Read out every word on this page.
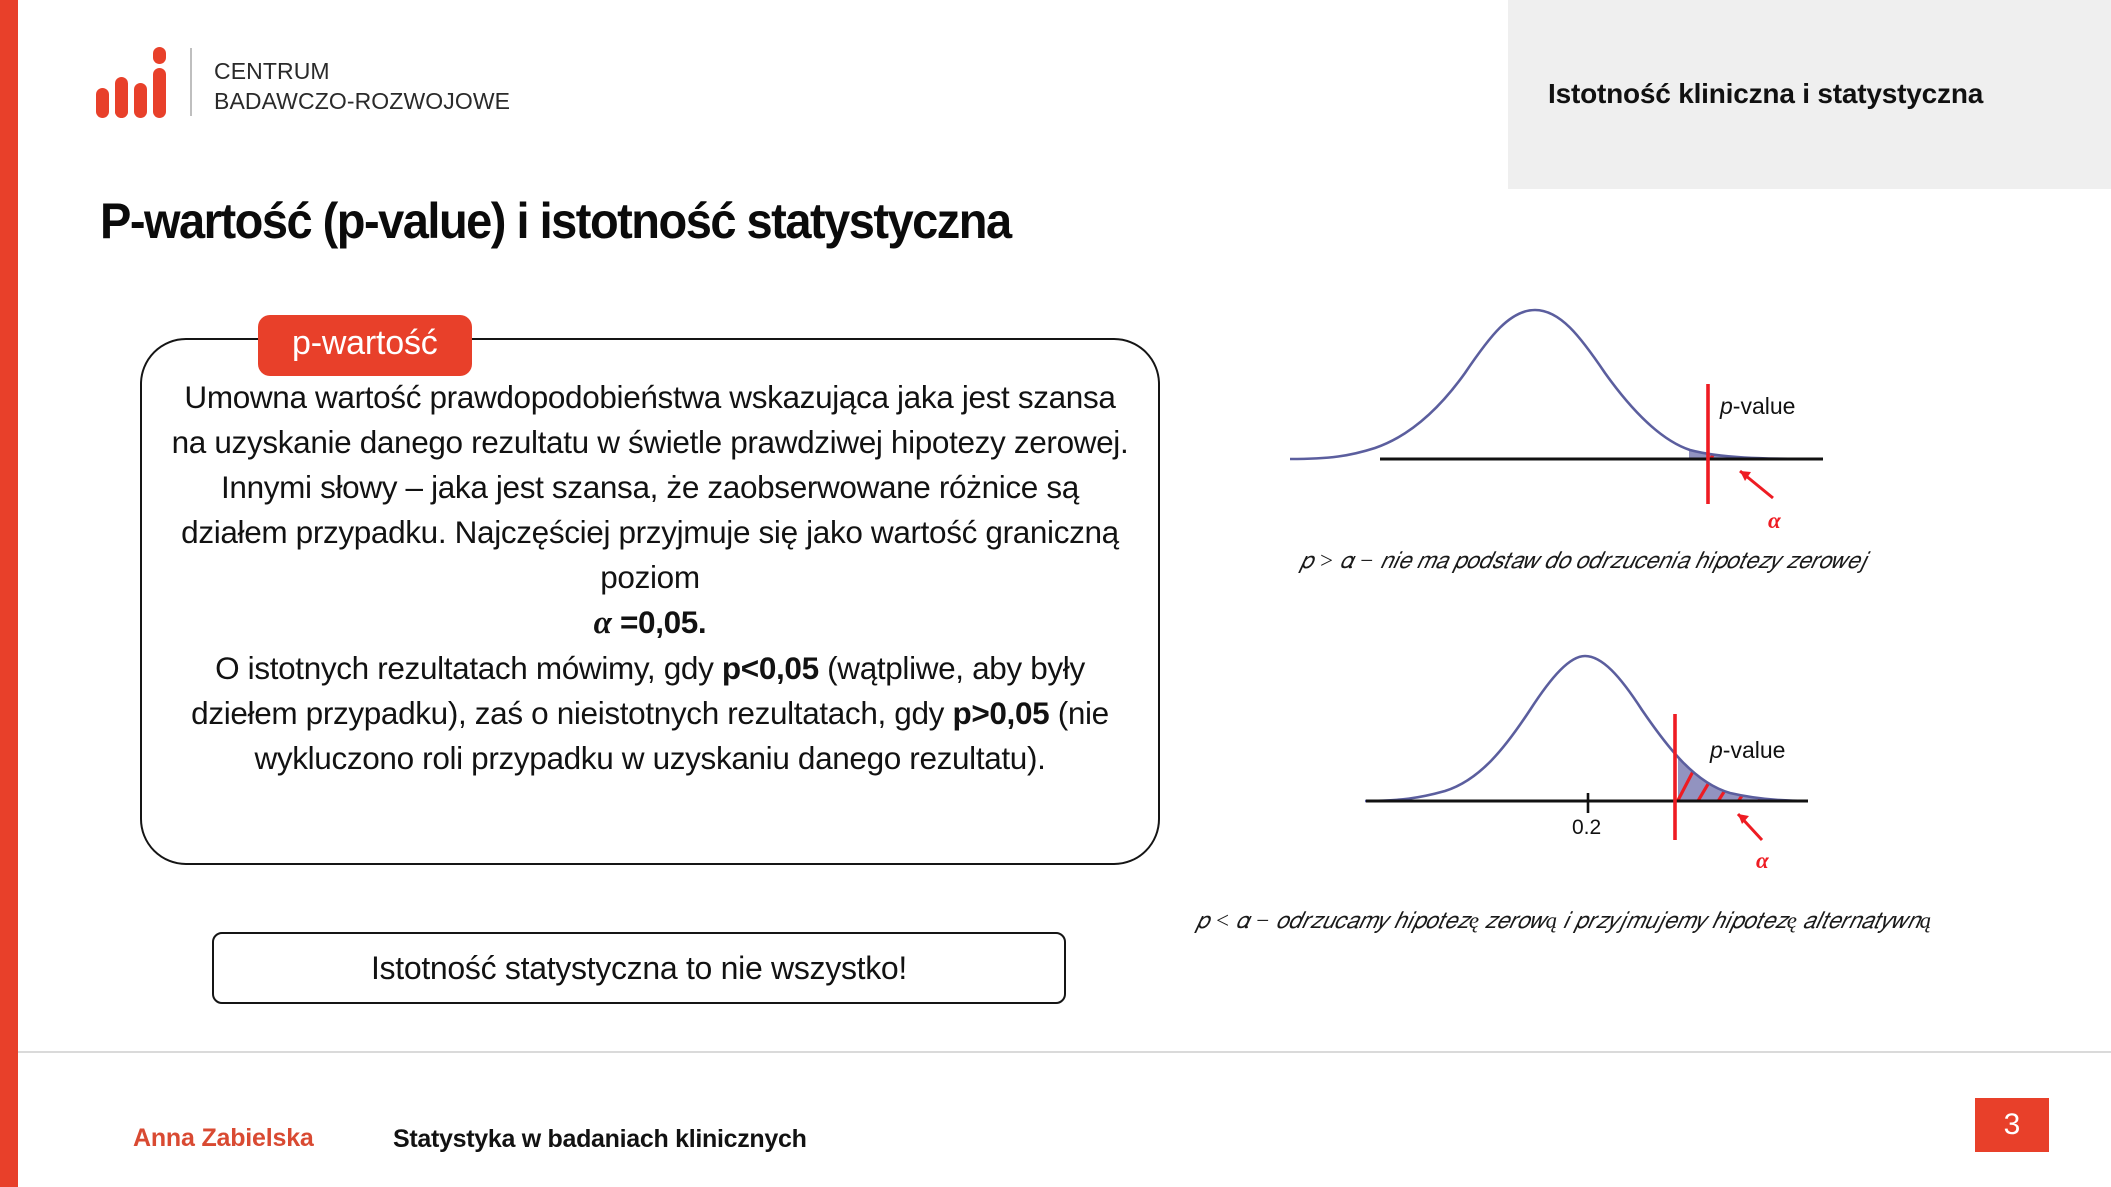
Istotność kliniczna i statystyczna
CENTRUM
BADAWCZO-ROZWOJOWE
P-wartość (p-value) i istotność statystyczna
p-wartość
Umowna wartość prawdopodobieństwa wskazująca jaka jest szansa na uzyskanie danego rezultatu w świetle prawdziwej hipotezy zerowej. Innymi słowy – jaka jest szansa, że zaobserwowane różnice są działem przypadku. Najczęściej przyjmuje się jako wartość graniczną poziom
α =0,05.
O istotnych rezultatach mówimy, gdy p<0,05 (wątpliwe, aby były dziełem przypadku), zaś o nieistotnych rezultatach, gdy p>0,05 (nie wykluczono roli przypadku w uzyskaniu danego rezultatu).
p-value
α
𝑝 > 𝛼 − 𝑛𝑖𝑒 𝑚𝑎 𝑝𝑜𝑑𝑠𝑡𝑎𝑤 𝑑𝑜 𝑜𝑑𝑟𝑧𝑢𝑐𝑒𝑛𝑖𝑎 ℎ𝑖𝑝𝑜𝑡𝑒𝑧𝑦 𝑧𝑒𝑟𝑜𝑤𝑒𝑗
0.2
p-value
α
𝑝 < 𝛼 − 𝑜𝑑𝑟𝑧𝑢𝑐𝑎𝑚𝑦 ℎ𝑖𝑝𝑜𝑡𝑒𝑧ę 𝑧𝑒𝑟𝑜𝑤ą 𝑖 𝑝𝑟𝑧𝑦𝑗𝑚𝑢𝑗𝑒𝑚𝑦 ℎ𝑖𝑝𝑜𝑡𝑒𝑧ę 𝑎𝑙𝑡𝑒𝑟𝑛𝑎𝑡𝑦𝑤𝑛ą
Istotność statystyczna to nie wszystko!
Anna Zabielska	Statystyka w badaniach klinicznych	3
